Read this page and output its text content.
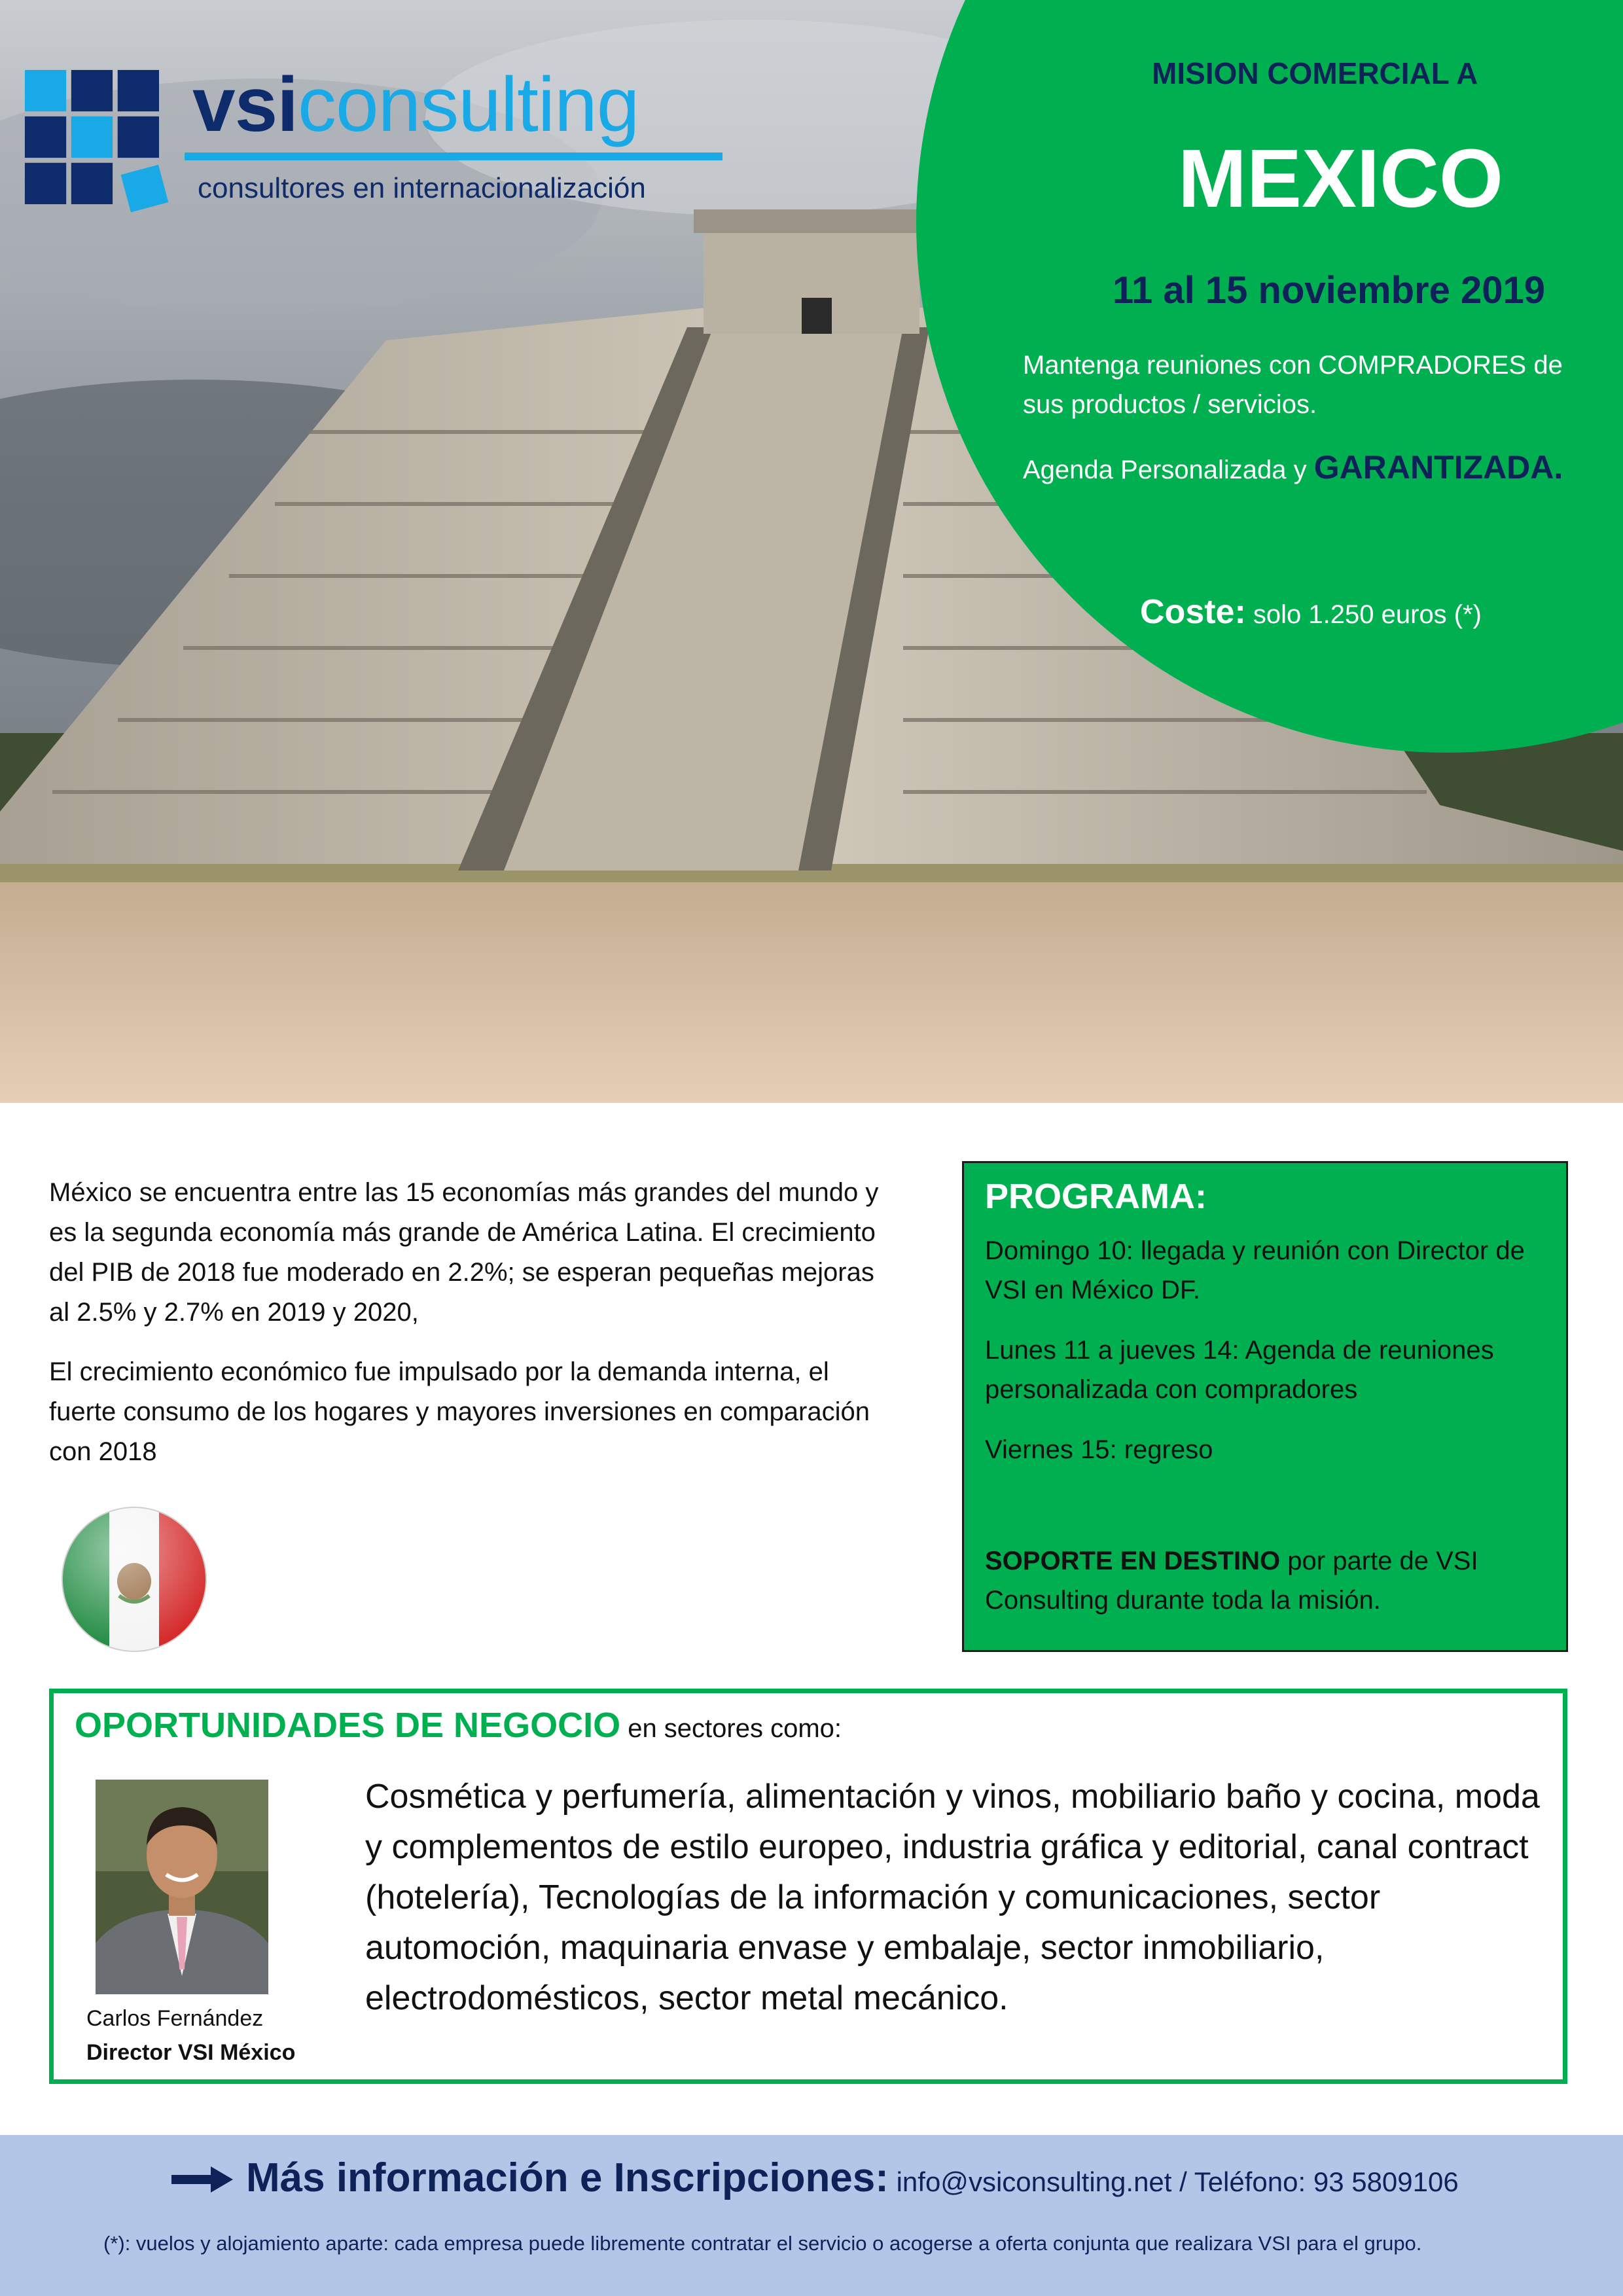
vsiconsulting
consultores en internacionalización
MISION COMERCIAL A
MEXICO
11 al 15 noviembre 2019
Mantenga reuniones con COMPRADORES de sus productos / servicios.
Agenda Personalizada y GARANTIZADA.
Coste: solo 1.250 euros (*)

México se encuentra entre las 15 economías más grandes del mundo y es la segunda economía más grande de América Latina. El crecimiento del PIB de 2018 fue moderado en 2.2%; se esperan pequeñas mejoras al 2.5% y 2.7% en 2019 y 2020,

El crecimiento económico fue impulsado por la demanda interna, el fuerte consumo de los hogares y mayores inversiones en comparación con 2018

PROGRAMA:

Domingo 10: llegada y reunión con Director de VSI en México DF.

Lunes 11 a jueves 14: Agenda de reuniones personalizada con compradores

Viernes 15: regreso

SOPORTE EN DESTINO por parte de VSI Consulting durante toda la misión.

OPORTUNIDADES DE NEGOCIO en sectores como:
Carlos Fernández
Director VSI México
Cosmética y perfumería, alimentación y vinos, mobiliario baño y cocina, moda y complementos de estilo europeo, industria gráfica y editorial, canal contract (hotelería), Tecnologías de la información y comunicaciones, sector automoción, maquinaria envase y embalaje, sector inmobiliario, electrodomésticos, sector metal mecánico.
Más información e Inscripciones: info@vsiconsulting.net / Teléfono: 93 5809106
(*): vuelos y alojamiento aparte: cada empresa puede libremente contratar el servicio o acogerse a oferta conjunta que realizara VSI para el grupo.
